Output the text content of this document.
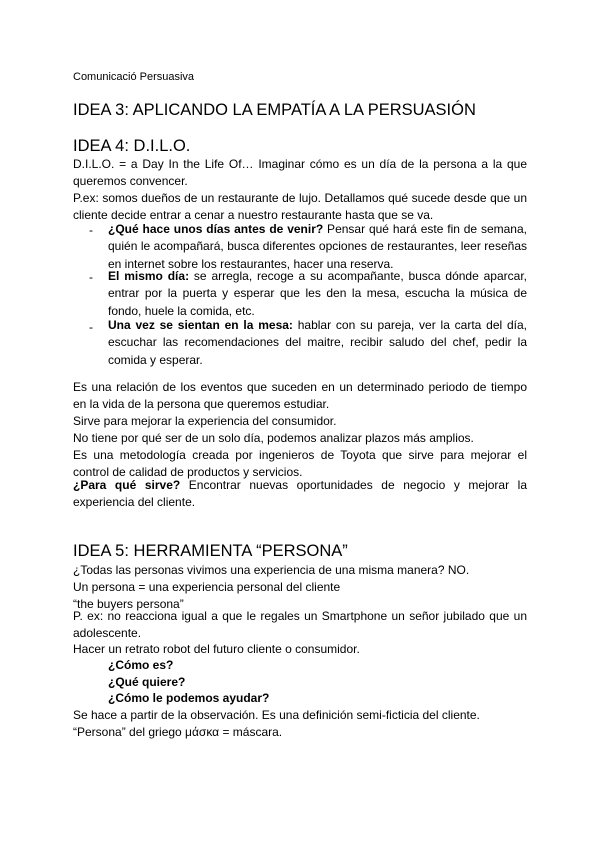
Comunicació Persuasiva
IDEA 3: APLICANDO LA EMPATÍA A LA PERSUASIÓN
IDEA 4: D.I.L.O.

D.I.L.O. = a Day In the Life Of… Imaginar cómo es un día de la persona a la que queremos convencer.

P.ex: somos dueños de un restaurante de lujo. Detallamos qué sucede desde que un cliente decide entrar a cenar a nuestro restaurante hasta que se va.

- ¿Qué hace unos días antes de venir? Pensar qué hará este fin de semana, quién le acompañará, busca diferentes opciones de restaurantes, leer reseñas en internet sobre los restaurantes, hacer una reserva.

- El mismo día: se arregla, recoge a su acompañante, busca dónde aparcar, entrar por la puerta y esperar que les den la mesa, escucha la música de fondo, huele la comida, etc.

- Una vez se sientan en la mesa: hablar con su pareja, ver la carta del día, escuchar las recomendaciones del maitre, recibir saludo del chef, pedir la comida y esperar.

Es una relación de los eventos que suceden en un determinado periodo de tiempo en la vida de la persona que queremos estudiar.

Sirve para mejorar la experiencia del consumidor.

No tiene por qué ser de un solo día, podemos analizar plazos más amplios.

Es una metodología creada por ingenieros de Toyota que sirve para mejorar el control de calidad de productos y servicios.

¿Para qué sirve? Encontrar nuevas oportunidades de negocio y mejorar la experiencia del cliente.

IDEA 5: HERRAMIENTA “PERSONA”

¿Todas las personas vivimos una experiencia de una misma manera? NO.

Un persona = una experiencia personal del cliente

“the buyers persona”

P. ex: no reacciona igual a que le regales un Smartphone un señor jubilado que un adolescente.

Hacer un retrato robot del futuro cliente o consumidor.

¿Cómo es?
¿Qué quiere?
¿Cómo le podemos ayudar?

Se hace a partir de la observación. Es una definición semi-ficticia del cliente.

“Persona” del griego μάσκα = máscara.
